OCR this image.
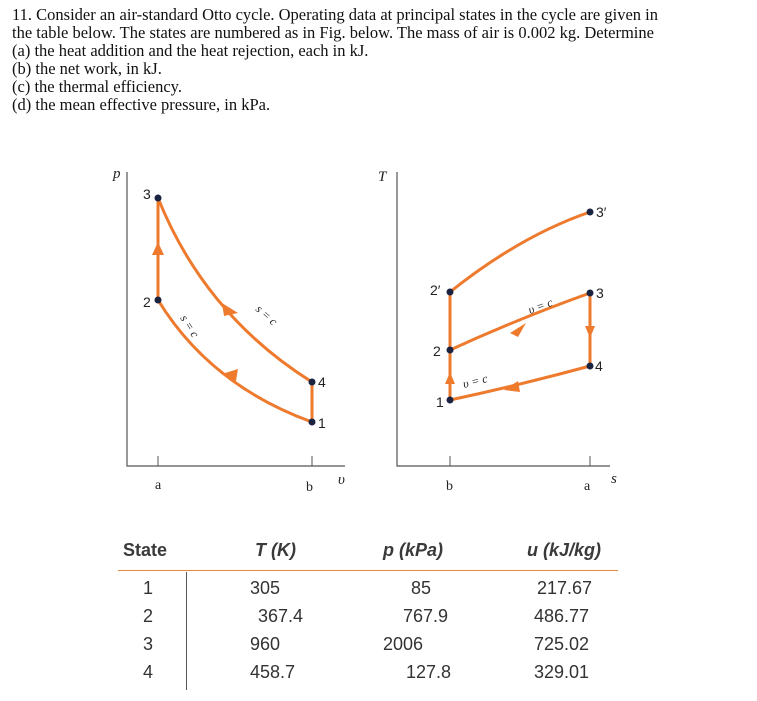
11. Consider an air-standard Otto cycle. Operating data at principal states in the cycle are given in
the table below. The states are numbered as in Fig. below. The mass of air is 0.002 kg. Determine
(a) the heat addition and the heat rejection, each in kJ.
(b) the net work, in kJ.
(c) the thermal efficiency.
(d) the mean effective pressure, in kPa.
p
υ
a	b
3
2
4
1
s = c	s = c
T
s
b	a
3′
2′	3
2
4
1
υ = c
υ = c
State	T (K)	p (kPa)	u (kJ/kg)
1	305	85	217.67
2	367.4	767.9	486.77
3	960	2006	725.02
4	458.7	127.8	329.01
